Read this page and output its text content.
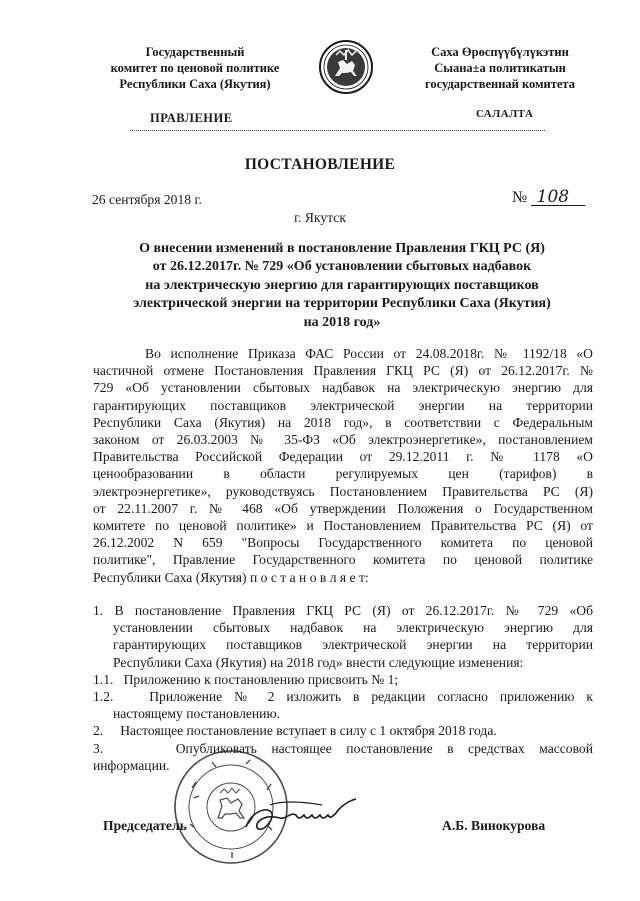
Государственный
комитет по ценовой политике
Республики Саха (Якутия)
Саха Өрөспүүбүлүкэтин
Сыана±а политикатын
государственнай комитета
ПРАВЛЕНИЕ	САЛАЛТА
ПОСТАНОВЛЕНИЕ
26 сентября 2018 г.	№ 108
г. Якутск
О внесении изменений в постановление Правления ГКЦ РС (Я)
от 26.12.2017г. № 729 «Об установлении сбытовых надбавок
на электрическую энергию для гарантирующих поставщиков
электрической энергии на территории Республики Саха (Якутия)
на 2018 год»
Во исполнение Приказа ФАС России от 24.08.2018г. № 1192/18 «О
частичной отмене Постановления Правления ГКЦ РС (Я) от 26.12.2017г. №
729 «Об установлении сбытовых надбавок на электрическую энергию для
гарантирующих поставщиков электрической энергии на территории
Республики Саха (Якутия) на 2018 год», в соответствии с Федеральным
законом от 26.03.2003 № 35-ФЗ «Об электроэнергетике», постановлением
Правительства Российской Федерации от 29.12.2011 г. № 1178 «О
ценообразовании в области регулируемых цен (тарифов) в
электроэнергетике», руководствуясь Постановлением Правительства РС (Я)
от 22.11.2007 г. № 468 «Об утверждении Положения о Государственном
комитете по ценовой политике» и Постановлением Правительства РС (Я) от
26.12.2002 N 659 "Вопросы Государственного комитета по ценовой
политике", Правление Государственного комитета по ценовой политике
Республики Саха (Якутия) п о с т а н о в л я е т:
1. В постановление Правления ГКЦ РС (Я) от 26.12.2017г. № 729 «Об
установлении сбытовых надбавок на электрическую энергию для
гарантирующих поставщиков электрической энергии на территории
Республики Саха (Якутия) на 2018 год» внести следующие изменения:
1.1.   Приложению к постановлению присвоить № 1;
1.2.   Приложение № 2 изложить в редакции согласно приложению к
настоящему постановлению.
2.     Настоящее постановление вступает в силу с 1 октября 2018 года.
3.     Опубликовать настоящее постановление в средствах массовой
информации.
Председатель	А.Б. Винокурова
